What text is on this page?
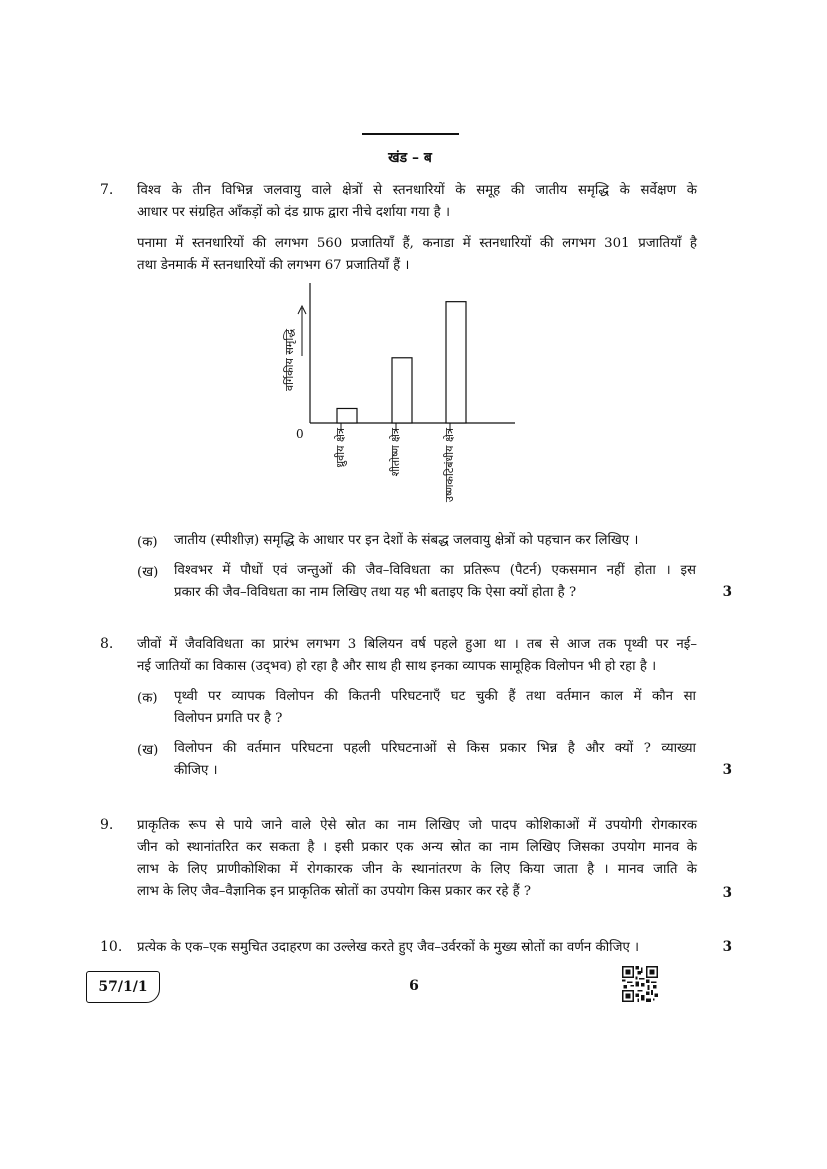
खंड – ब
7. विश्व के तीन विभिन्न जलवायु वाले क्षेत्रों से स्तनधारियों के समूह की जातीय समृद्धि के सर्वेक्षण के
आधार पर संग्रहित आँकड़ों को दंड ग्राफ द्वारा नीचे दर्शाया गया है ।
पनामा में स्तनधारियों की लगभग 560 प्रजातियाँ हैं, कनाडा में स्तनधारियों की लगभग 301 प्रजातियाँ है
तथा डेनमार्क में स्तनधारियों की लगभग 67 प्रजातियाँ हैं ।
0
वर्गिकीय समृद्धि
ध्रुवीय क्षेत्र	शीतोष्ण क्षेत्र	उष्णकटिबंधीय क्षेत्र
(क) जातीय (स्पीशीज़) समृद्धि के आधार पर इन देशों के संबद्ध जलवायु क्षेत्रों को पहचान कर लिखिए ।
(ख) विश्वभर में पौधों एवं जन्तुओं की जैव–विविधता का प्रतिरूप (पैटर्न) एकसमान नहीं होता । इस
प्रकार की जैव–विविधता का नाम लिखिए तथा यह भी बताइए कि ऐसा क्यों होता है ?	3
8. जीवों में जैवविविधता का प्रारंभ लगभग 3 बिलियन वर्ष पहले हुआ था । तब से आज तक पृथ्वी पर नई–
नई जातियों का विकास (उद्‌भव) हो रहा है और साथ ही साथ इनका व्यापक सामूहिक विलोपन भी हो रहा है ।
(क) पृथ्वी पर व्यापक विलोपन की कितनी परिघटनाएँ घट चुकी हैं तथा वर्तमान काल में कौन सा
विलोपन प्रगति पर है ?
(ख) विलोपन की वर्तमान परिघटना पहली परिघटनाओं से किस प्रकार भिन्न है और क्यों ? व्याख्या
कीजिए ।	3
9. प्राकृतिक रूप से पाये जाने वाले ऐसे स्रोत का नाम लिखिए जो पादप कोशिकाओं में उपयोगी रोगकारक
जीन को स्थानांतरित कर सकता है । इसी प्रकार एक अन्य स्रोत का नाम लिखिए जिसका उपयोग मानव के
लाभ के लिए प्राणीकोशिका में रोगकारक जीन के स्थानांतरण के लिए किया जाता है । मानव जाति के
लाभ के लिए जैव–वैज्ञानिक इन प्राकृतिक स्रोतों का उपयोग किस प्रकार कर रहे हैं ?	3
10. प्रत्येक के एक–एक समुचित उदाहरण का उल्लेख करते हुए जैव–उर्वरकों के मुख्य स्रोतों का वर्णन कीजिए ।	3
57/1/1	6
